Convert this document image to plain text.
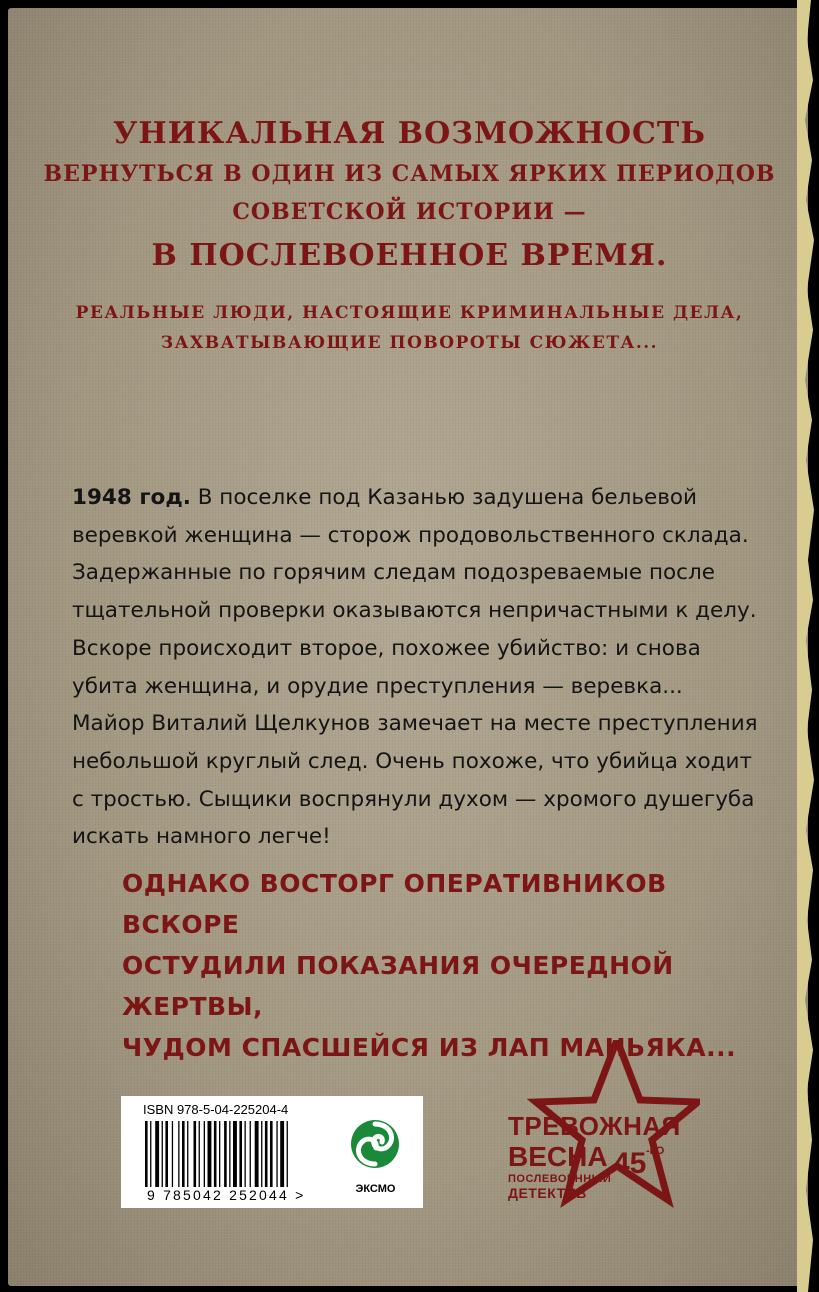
УНИКАЛЬНАЯ ВОЗМОЖНОСТЬ
ВЕРНУТЬСЯ В ОДИН ИЗ САМЫХ ЯРКИХ ПЕРИОДОВ
СОВЕТСКОЙ ИСТОРИИ —
В ПОСЛЕВОЕННОЕ ВРЕМЯ.
РЕАЛЬНЫЕ ЛЮДИ, НАСТОЯЩИЕ КРИМИНАЛЬНЫЕ ДЕЛА,
ЗАХВАТЫВАЮЩИЕ ПОВОРОТЫ СЮЖЕТА...
1948 год. В поселке под Казанью задушена бельевой
веревкой женщина — сторож продовольственного склада.
Задержанные по горячим следам подозреваемые после
тщательной проверки оказываются непричастными к делу.
Вскоре происходит второе, похожее убийство: и снова
убита женщина, и орудие преступления — веревка...
Майор Виталий Щелкунов замечает на месте преступления
небольшой круглый след. Очень похоже, что убийца ходит
с тростью. Сыщики воспрянули духом — хромого душегуба
искать намного легче!
ОДНАКО ВОСТОРГ ОПЕРАТИВНИКОВ ВСКОРЕ
ОСТУДИЛИ ПОКАЗАНИЯ ОЧЕРЕДНОЙ ЖЕРТВЫ,
ЧУДОМ СПАСШЕЙСЯ ИЗ ЛАП МАНЬЯКА...
ISBN 978-5-04-225204-4
9 785042 252044 >	ЭКСМО
ТРЕВОЖНАЯ
ВЕСНА 45 -ГО
ПОСЛЕВОЕННЫЙ
ДЕТЕКТИВ
